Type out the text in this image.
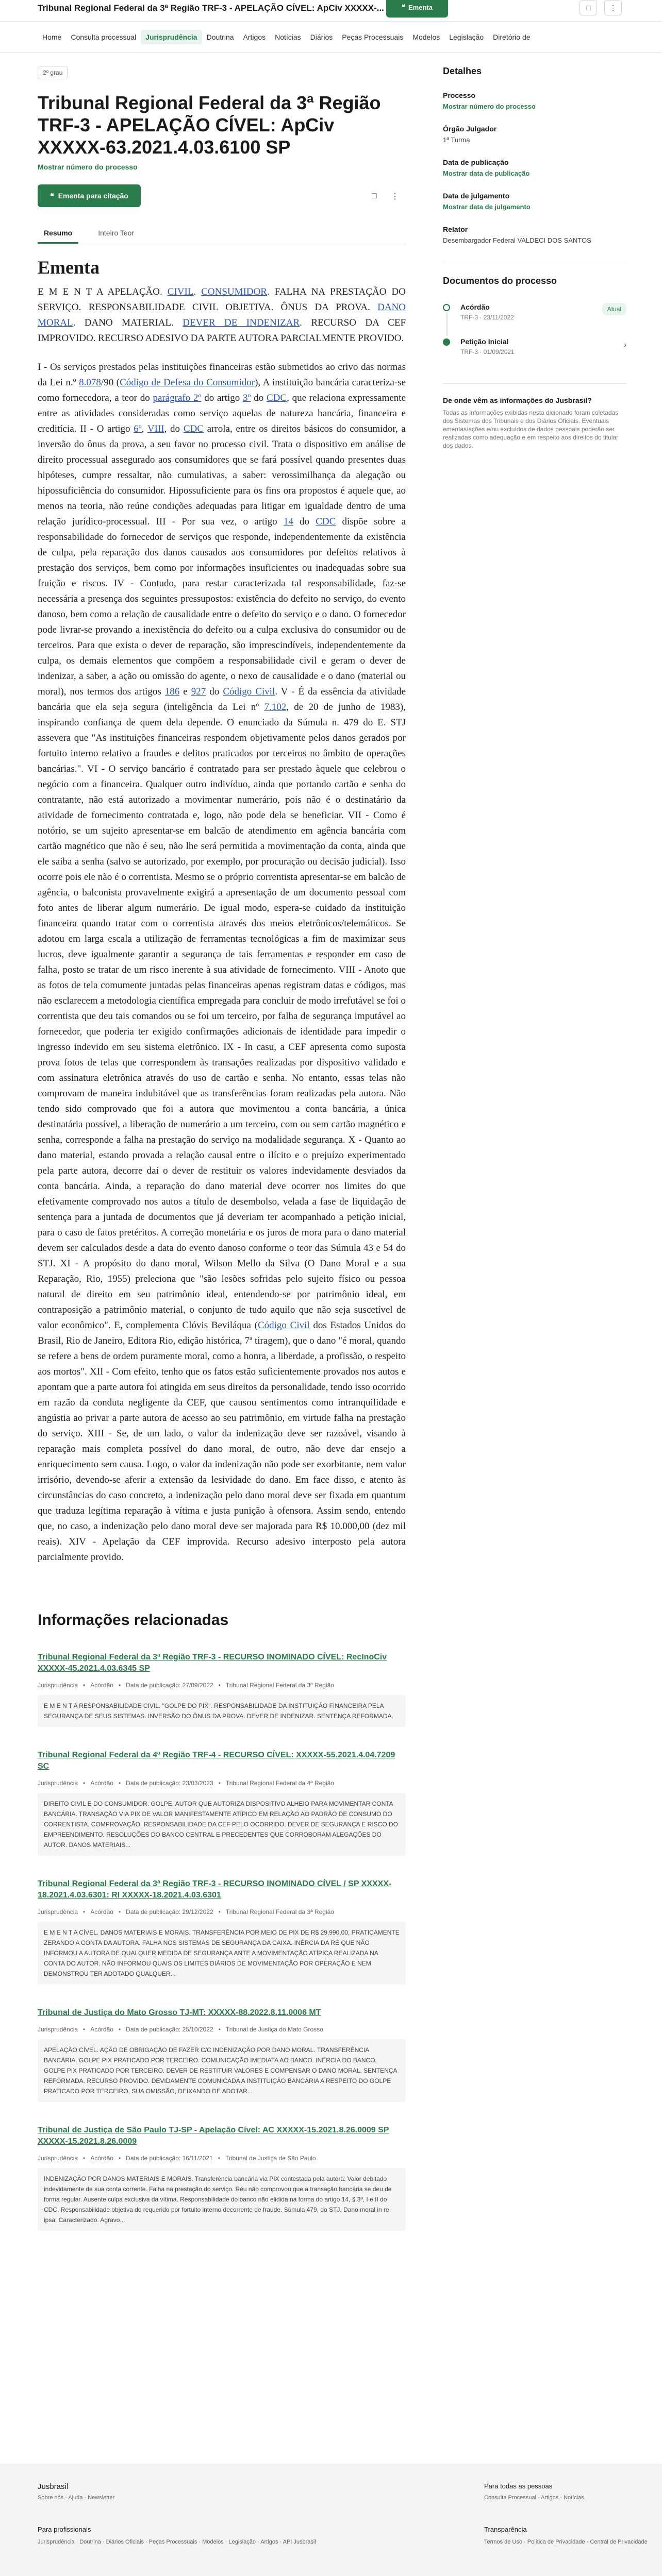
Tribunal Regional Federal da 3ª Região TRF-3 - APELAÇÃO CÍVEL: ApCiv XXXXX-...	❝ Ementa	□	⋮
Home	Consulta processual	Jurisprudência	Doutrina	Artigos	Notícias	Diários	Peças Processuais	Modelos	Legislação	Diretório de
2º grau
Tribunal Regional Federal da 3ª Região TRF-3 - APELAÇÃO CÍVEL: ApCiv XXXXX-63.2021.4.03.6100 SP
Mostrar número do processo
❝ Ementa para citação	□	⋮
Resumo	Inteiro Teor
Ementa

E M E N T A APELAÇÃO. CIVIL. CONSUMIDOR. FALHA NA PRESTAÇÃO DO SERVIÇO. RESPONSABILIDADE CIVIL OBJETIVA. ÔNUS DA PROVA. DANO MORAL. DANO MATERIAL. DEVER DE INDENIZAR. RECURSO DA CEF IMPROVIDO. RECURSO ADESIVO DA PARTE AUTORA PARCIALMENTE PROVIDO.

I - Os serviços prestados pelas instituições financeiras estão submetidos ao crivo das normas da Lei n.º 8.078/90 (Código de Defesa do Consumidor), A instituição bancária caracteriza-se como fornecedora, a teor do parágrafo 2º do artigo 3º do CDC, que relaciona expressamente entre as atividades consideradas como serviço aquelas de natureza bancária, financeira e creditícia. II - O artigo 6º, VIII, do CDC arrola, entre os direitos básicos do consumidor, a inversão do ônus da prova, a seu favor no processo civil. Trata o dispositivo em análise de direito processual assegurado aos consumidores que se fará possível quando presentes duas hipóteses, cumpre ressaltar, não cumulativas, a saber: verossimilhança da alegação ou hipossuficiência do consumidor. Hipossuficiente para os fins ora propostos é aquele que, ao menos na teoria, não reúne condições adequadas para litigar em igualdade dentro de uma relação jurídico-processual. III - Por sua vez, o artigo 14 do CDC dispõe sobre a responsabilidade do fornecedor de serviços que responde, independentemente da existência de culpa, pela reparação dos danos causados aos consumidores por defeitos relativos à prestação dos serviços, bem como por informações insuficientes ou inadequadas sobre sua fruição e riscos. IV - Contudo, para restar caracterizada tal responsabilidade, faz-se necessária a presença dos seguintes pressupostos: existência do defeito no serviço, do evento danoso, bem como a relação de causalidade entre o defeito do serviço e o dano. O fornecedor pode livrar-se provando a inexistência do defeito ou a culpa exclusiva do consumidor ou de terceiros. Para que exista o dever de reparação, são imprescindíveis, independentemente da culpa, os demais elementos que compõem a responsabilidade civil e geram o dever de indenizar, a saber, a ação ou omissão do agente, o nexo de causalidade e o dano (material ou moral), nos termos dos artigos 186 e 927 do Código Civil. V - É da essência da atividade bancária que ela seja segura (inteligência da Lei nº 7.102, de 20 de junho de 1983), inspirando confiança de quem dela depende. O enunciado da Súmula n. 479 do E. STJ assevera que "As instituições financeiras respondem objetivamente pelos danos gerados por fortuito interno relativo a fraudes e delitos praticados por terceiros no âmbito de operações bancárias.". VI - O serviço bancário é contratado para ser prestado àquele que celebrou o negócio com a financeira. Qualquer outro indivíduo, ainda que portando cartão e senha do contratante, não está autorizado a movimentar numerário, pois não é o destinatário da atividade de fornecimento contratada e, logo, não pode dela se beneficiar. VII - Como é notório, se um sujeito apresentar-se em balcão de atendimento em agência bancária com cartão magnético que não é seu, não lhe será permitida a movimentação da conta, ainda que ele saiba a senha (salvo se autorizado, por exemplo, por procuração ou decisão judicial). Isso ocorre pois ele não é o correntista. Mesmo se o próprio correntista apresentar-se em balcão de agência, o balconista provavelmente exigirá a apresentação de um documento pessoal com foto antes de liberar algum numerário. De igual modo, espera-se cuidado da instituição financeira quando tratar com o correntista através dos meios eletrônicos/telemáticos. Se adotou em larga escala a utilização de ferramentas tecnológicas a fim de maximizar seus lucros, deve igualmente garantir a segurança de tais ferramentas e responder em caso de falha, posto se tratar de um risco inerente à sua atividade de fornecimento. VIII - Anoto que as fotos de tela comumente juntadas pelas financeiras apenas registram datas e códigos, mas não esclarecem a metodologia científica empregada para concluir de modo irrefutável se foi o correntista que deu tais comandos ou se foi um terceiro, por falha de segurança imputável ao fornecedor, que poderia ter exigido confirmações adicionais de identidade para impedir o ingresso indevido em seu sistema eletrônico. IX - In casu, a CEF apresenta como suposta prova fotos de telas que correspondem às transações realizadas por dispositivo validado e com assinatura eletrônica através do uso de cartão e senha. No entanto, essas telas não comprovam de maneira indubitável que as transferências foram realizadas pela autora. Não tendo sido comprovado que foi a autora que movimentou a conta bancária, a única destinatária possível, a liberação de numerário a um terceiro, com ou sem cartão magnético e senha, corresponde a falha na prestação do serviço na modalidade segurança. X - Quanto ao dano material, estando provada a relação causal entre o ilícito e o prejuízo experimentado pela parte autora, decorre daí o dever de restituir os valores indevidamente desviados da conta bancária. Ainda, a reparação do dano material deve ocorrer nos limites do que efetivamente comprovado nos autos a título de desembolso, velada a fase de liquidação de sentença para a juntada de documentos que já deveriam ter acompanhado a petição inicial, para o caso de fatos pretéritos. A correção monetária e os juros de mora para o dano material devem ser calculados desde a data do evento danoso conforme o teor das Súmula 43 e 54 do STJ. XI - A propósito do dano moral, Wilson Mello da Silva (O Dano Moral e a sua Reparação, Rio, 1955) preleciona que "são lesões sofridas pelo sujeito físico ou pessoa natural de direito em seu patrimônio ideal, entendendo-se por patrimônio ideal, em contraposição a patrimônio material, o conjunto de tudo aquilo que não seja suscetível de valor econômico". E, complementa Clóvis Beviláqua (Código Civil dos Estados Unidos do Brasil, Rio de Janeiro, Editora Rio, edição histórica, 7ª tiragem), que o dano "é moral, quando se refere a bens de ordem puramente moral, como a honra, a liberdade, a profissão, o respeito aos mortos". XII - Com efeito, tenho que os fatos estão suficientemente provados nos autos e apontam que a parte autora foi atingida em seus direitos da personalidade, tendo isso ocorrido em razão da conduta negligente da CEF, que causou sentimentos como intranquilidade e angústia ao privar a parte autora de acesso ao seu patrimônio, em virtude falha na prestação do serviço. XIII - Se, de um lado, o valor da indenização deve ser razoável, visando à reparação mais completa possível do dano moral, de outro, não deve dar ensejo a enriquecimento sem causa. Logo, o valor da indenização não pode ser exorbitante, nem valor irrisório, devendo-se aferir a extensão da lesividade do dano. Em face disso, e atento às circunstâncias do caso concreto, a indenização pelo dano moral deve ser fixada em quantum que traduza legítima reparação à vítima e justa punição à ofensora. Assim sendo, entendo que, no caso, a indenização pelo dano moral deve ser majorada para R$ 10.000,00 (dez mil reais). XIV - Apelação da CEF improvida. Recurso adesivo interposto pela autora parcialmente provido.

Informações relacionadas
Tribunal Regional Federal da 3ª Região TRF-3 - RECURSO INOMINADO CÍVEL: RecInoCiv XXXXX-45.2021.4.03.6345 SP
Jurisprudência • Acórdão • Data de publicação: 27/09/2022 • Tribunal Regional Federal da 3ª Região
E M E N T A RESPONSABILIDADE CIVIL. "GOLPE DO PIX". RESPONSABILIDADE DA INSTITUIÇÃO FINANCEIRA PELA SEGURANÇA DE SEUS SISTEMAS. INVERSÃO DO ÔNUS DA PROVA. DEVER DE INDENIZAR. SENTENÇA REFORMADA.
Tribunal Regional Federal da 4ª Região TRF-4 - RECURSO CÍVEL: XXXXX-55.2021.4.04.7209 SC
Jurisprudência • Acórdão • Data de publicação: 23/03/2023 • Tribunal Regional Federal da 4ª Região
DIREITO CIVIL E DO CONSUMIDOR. GOLPE. AUTOR QUE AUTORIZA DISPOSITIVO ALHEIO PARA MOVIMENTAR CONTA BANCÁRIA. TRANSAÇÃO VIA PIX DE VALOR MANIFESTAMENTE ATÍPICO EM RELAÇÃO AO PADRÃO DE CONSUMO DO CORRENTISTA. COMPROVAÇÃO. RESPONSABILIDADE DA CEF PELO OCORRIDO. DEVER DE SEGURANÇA E RISCO DO EMPREENDIMENTO. RESOLUÇÕES DO BANCO CENTRAL E PRECEDENTES QUE CORROBORAM ALEGAÇÕES DO AUTOR. DANOS MATERIAIS...
Tribunal Regional Federal da 3ª Região TRF-3 - RECURSO INOMINADO CÍVEL / SP XXXXX-18.2021.4.03.6301: RI XXXXX-18.2021.4.03.6301
Jurisprudência • Acórdão • Data de publicação: 29/12/2022 • Tribunal Regional Federal da 3ª Região
E M E N T A CÍVEL. DANOS MATERIAIS E MORAIS. TRANSFERÊNCIA POR MEIO DE PIX DE R$ 29.990,00, PRATICAMENTE ZERANDO A CONTA DA AUTORA. FALHA NOS SISTEMAS DE SEGURANÇA DA CAIXA. INÉRCIA DA RÉ QUE NÃO INFORMOU A AUTORA DE QUALQUER MEDIDA DE SEGURANÇA ANTE A MOVIMENTAÇÃO ATÍPICA REALIZADA NA CONTA DO AUTOR. NÃO INFORMOU QUAIS OS LIMITES DIÁRIOS DE MOVIMENTAÇÃO POR OPERAÇÃO E NEM DEMONSTROU TER ADOTADO QUALQUER...
Tribunal de Justiça do Mato Grosso TJ-MT: XXXXX-88.2022.8.11.0006 MT
Jurisprudência • Acórdão • Data de publicação: 25/10/2022 • Tribunal de Justiça do Mato Grosso
APELAÇÃO CÍVEL. AÇÃO DE OBRIGAÇÃO DE FAZER C/C INDENIZAÇÃO POR DANO MORAL. TRANSFERÊNCIA BANCÁRIA. GOLPE PIX PRATICADO POR TERCEIRO. COMUNICAÇÃO IMEDIATA AO BANCO. INÉRCIA DO BANCO. GOLPE PIX PRATICADO POR TERCEIRO. DEVER DE RESTITUIR VALORES E COMPENSAR O DANO MORAL. SENTENÇA REFORMADA. RECURSO PROVIDO. DEVIDAMENTE COMUNICADA A INSTITUIÇÃO BANCÁRIA A RESPEITO DO GOLPE PRATICADO POR TERCEIRO, SUA OMISSÃO, DEIXANDO DE ADOTAR...
Tribunal de Justiça de São Paulo TJ-SP - Apelação Cível: AC XXXXX-15.2021.8.26.0009 SP XXXXX-15.2021.8.26.0009
Jurisprudência • Acórdão • Data de publicação: 16/11/2021 • Tribunal de Justiça de São Paulo
INDENIZAÇÃO POR DANOS MATERIAIS E MORAIS. Transferência bancária via PIX contestada pela autora. Valor debitado indevidamente de sua conta corrente. Falha na prestação do serviço. Réu não comprovou que a transação bancária se deu de forma regular. Ausente culpa exclusiva da vítima. Responsabilidade do banco não elidida na forma do artigo 14, § 3º, I e II do CDC. Responsabilidade objetiva do requerido por fortuito interno decorrente de fraude. Súmula 479, do STJ. Dano moral in re ipsa. Caracterizado. Agravo...
Detalhes
Processo
Mostrar número do processo
Órgão Julgador
1ª Turma
Data de publicação
Mostrar data de publicação
Data de julgamento
Mostrar data de julgamento
Relator
Desembargador Federal VALDECI DOS SANTOS
Documentos do processo
Acórdão
TRF-3 · 23/11/2022
Atual
Petição Inicial
TRF-3 · 01/09/2021
›
De onde vêm as informações do Jusbrasil?
Todas as informações exibidas nesta dicionado foram coletadas dos Sistemas dos Tribunais e dos Diários Oficiais. Eventuais ementas/ações e/ou excluídos de dados pessoais poderão ser realizadas como adequação e em respeito aos direitos do titular dos dados.
Jusbrasil
Sobre nós · Ajuda · Newsletter
Para profissionais
Jurisprudência · Doutrina · Diários Oficiais · Peças Processuais · Modelos · Legislação · Artigos · API Jusbrasil
Para todas as pessoas
Consulta Processual · Artigos · Notícias
Transparência
Termos de Uso · Política de Privacidade · Central de Privacidade
